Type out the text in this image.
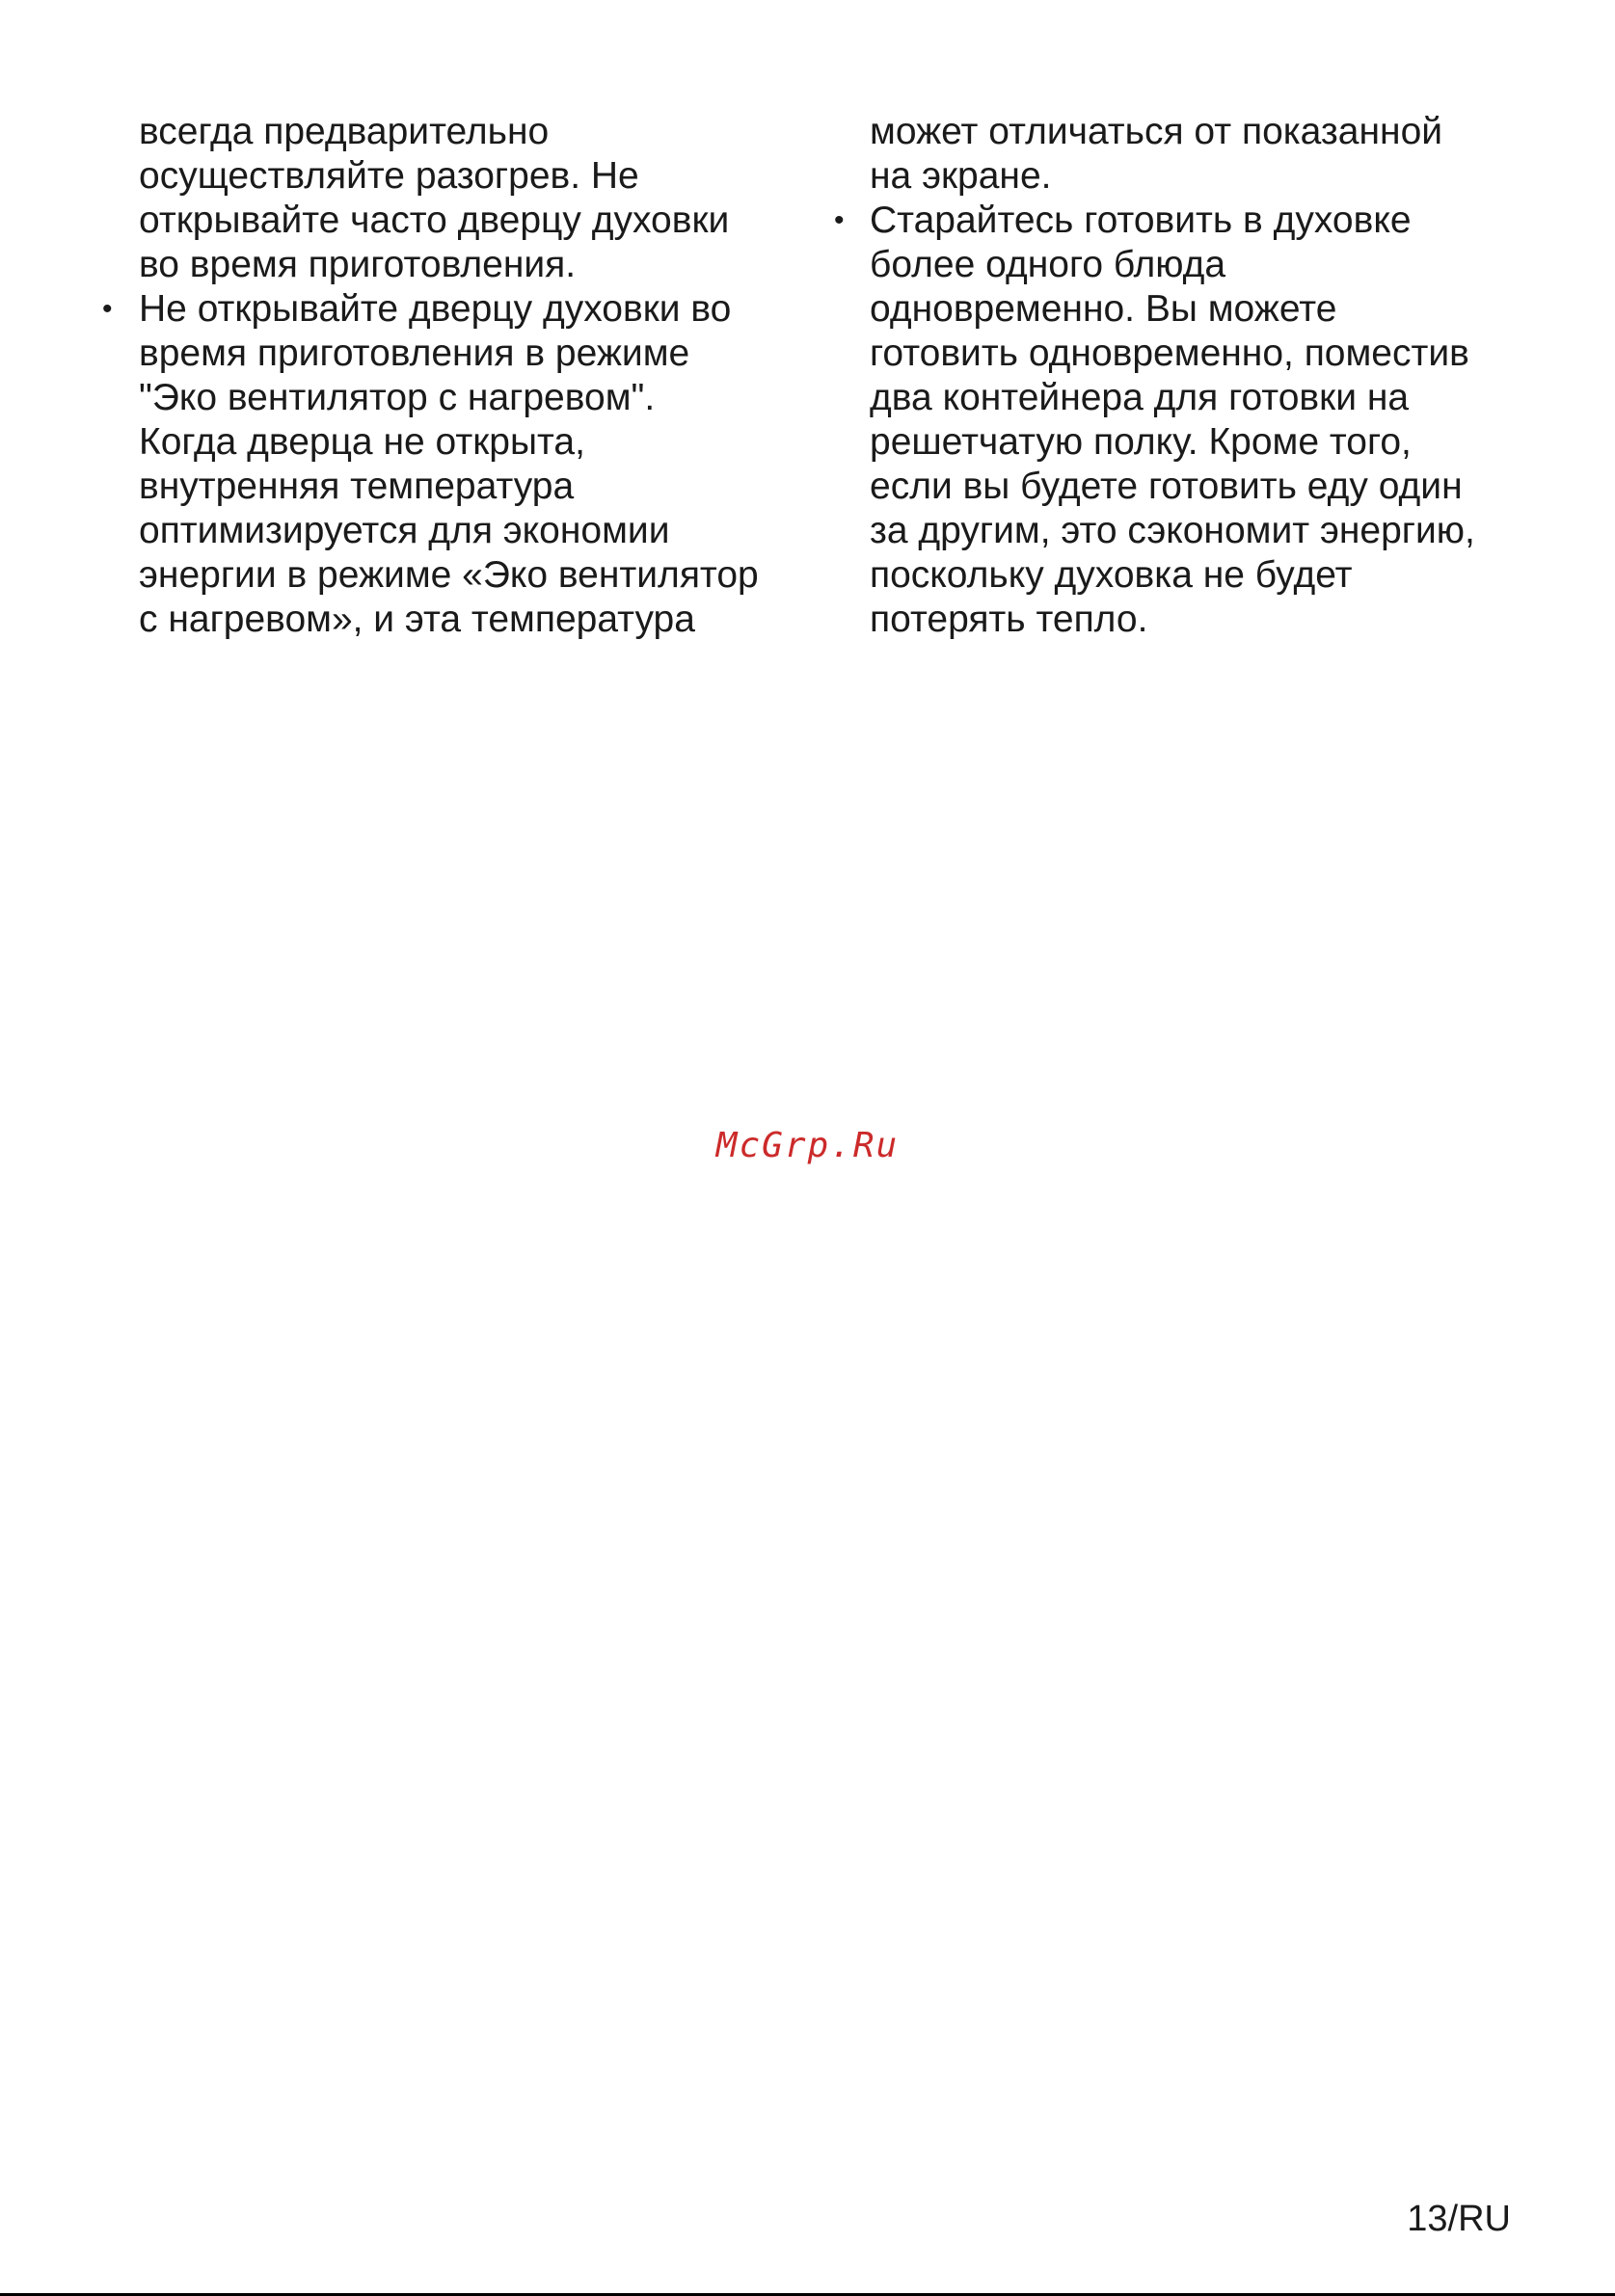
всегда предварительно
осуществляйте разогрев. Не
открывайте часто дверцу духовки
во время приготовления.
• Не открывайте дверцу духовки во
время приготовления в режиме
"Эко вентилятор с нагревом".
Когда дверца не открыта,
внутренняя температура
оптимизируется для экономии
энергии в режиме «Эко вентилятор
с нагревом», и эта температура
может отличаться от показанной
на экране.
• Старайтесь готовить в духовке
более одного блюда
одновременно. Вы можете
готовить одновременно, поместив
два контейнера для готовки на
решетчатую полку. Кроме того,
если вы будете готовить еду один
за другим, это сэкономит энергию,
поскольку духовка не будет
потерять тепло.
McGrp.Ru
13/RU
